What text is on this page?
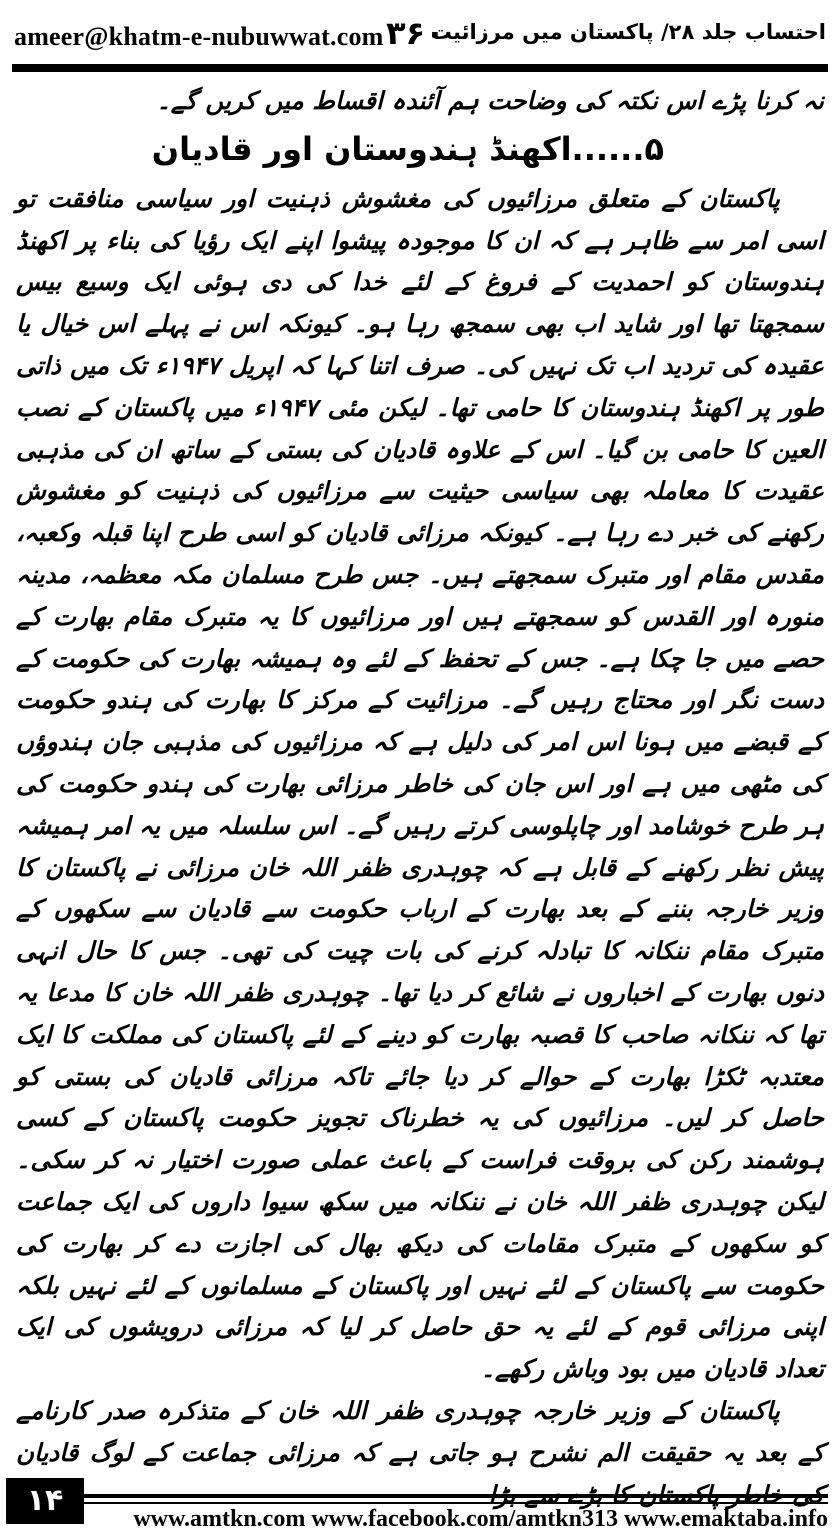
ameer@khatm-e-nubuwwat.com ۳۶۰
احتساب جلد ۲۸/ پاکستان میں مرزائیت

نہ کرنا پڑے اس نکتہ کی وضاحت ہم آئندہ اقساط میں کریں گے۔

۵......اکھنڈ ہندوستان اور قادیان

پاکستان کے متعلق مرزائیوں کی مغشوش ذہنیت اور سیاسی منافقت تو اسی امر سے ظاہر ہے کہ ان کا موجودہ پیشوا اپنے ایک رؤیا کی بناء پر اکھنڈ ہندوستان کو احمدیت کے فروغ کے لئے خدا کی دی ہوئی ایک وسیع بیس سمجھتا تھا اور شاید اب بھی سمجھ رہا ہو۔ کیونکہ اس نے پہلے اس خیال یا عقیدہ کی تردید اب تک نہیں کی۔ صرف اتنا کہا کہ اپریل ۱۹۴۷ء تک میں ذاتی طور پر اکھنڈ ہندوستان کا حامی تھا۔ لیکن مئی ۱۹۴۷ء میں پاکستان کے نصب العین کا حامی بن گیا۔ اس کے علاوہ قادیان کی بستی کے ساتھ ان کی مذہبی عقیدت کا معاملہ بھی سیاسی حیثیت سے مرزائیوں کی ذہنیت کو مغشوش رکھنے کی خبر دے رہا ہے۔ کیونکہ مرزائی قادیان کو اسی طرح اپنا قبلہ وکعبہ، مقدس مقام اور متبرک سمجھتے ہیں۔ جس طرح مسلمان مکہ معظمہ، مدینہ منورہ اور القدس کو سمجھتے ہیں اور مرزائیوں کا یہ متبرک مقام بھارت کے حصے میں جا چکا ہے۔ جس کے تحفظ کے لئے وہ ہمیشہ بھارت کی حکومت کے دست نگر اور محتاج رہیں گے۔ مرزائیت کے مرکز کا بھارت کی ہندو حکومت کے قبضے میں ہونا اس امر کی دلیل ہے کہ مرزائیوں کی مذہبی جان ہندوؤں کی مٹھی میں ہے اور اس جان کی خاطر مرزائی بھارت کی ہندو حکومت کی ہر طرح خوشامد اور چاپلوسی کرتے رہیں گے۔ اس سلسلہ میں یہ امر ہمیشہ پیش نظر رکھنے کے قابل ہے کہ چوہدری ظفر اللہ خان مرزائی نے پاکستان کا وزیر خارجہ بننے کے بعد بھارت کے ارباب حکومت سے قادیان سے سکھوں کے متبرک مقام ننکانہ کا تبادلہ کرنے کی بات چیت کی تھی۔ جس کا حال انہی دنوں بھارت کے اخباروں نے شائع کر دیا تھا۔ چوہدری ظفر اللہ خان کا مدعا یہ تھا کہ ننکانہ صاحب کا قصبہ بھارت کو دینے کے لئے پاکستان کی مملکت کا ایک معتدبہ ٹکڑا بھارت کے حوالے کر دیا جائے تاکہ مرزائی قادیان کی بستی کو حاصل کر لیں۔ مرزائیوں کی یہ خطرناک تجویز حکومت پاکستان کے کسی ہوشمند رکن کی بروقت فراست کے باعث عملی صورت اختیار نہ کر سکی۔ لیکن چوہدری ظفر اللہ خان نے ننکانہ میں سکھ سیوا داروں کی ایک جماعت کو سکھوں کے متبرک مقامات کی دیکھ بھال کی اجازت دے کر بھارت کی حکومت سے پاکستان کے لئے نہیں اور پاکستان کے مسلمانوں کے لئے نہیں بلکہ اپنی مرزائی قوم کے لئے یہ حق حاصل کر لیا کہ مرزائی درویشوں کی ایک تعداد قادیان میں بود وباش رکھے۔

پاکستان کے وزیر خارجہ چوہدری ظفر اللہ خان کے متذکرہ صدر کارنامے کے بعد یہ حقیقت الم نشرح ہو جاتی ہے کہ مرزائی جماعت کے لوگ قادیان

۱۴
www.amtkn.com www.facebook.com/amtkn313 www.emaktaba.info
